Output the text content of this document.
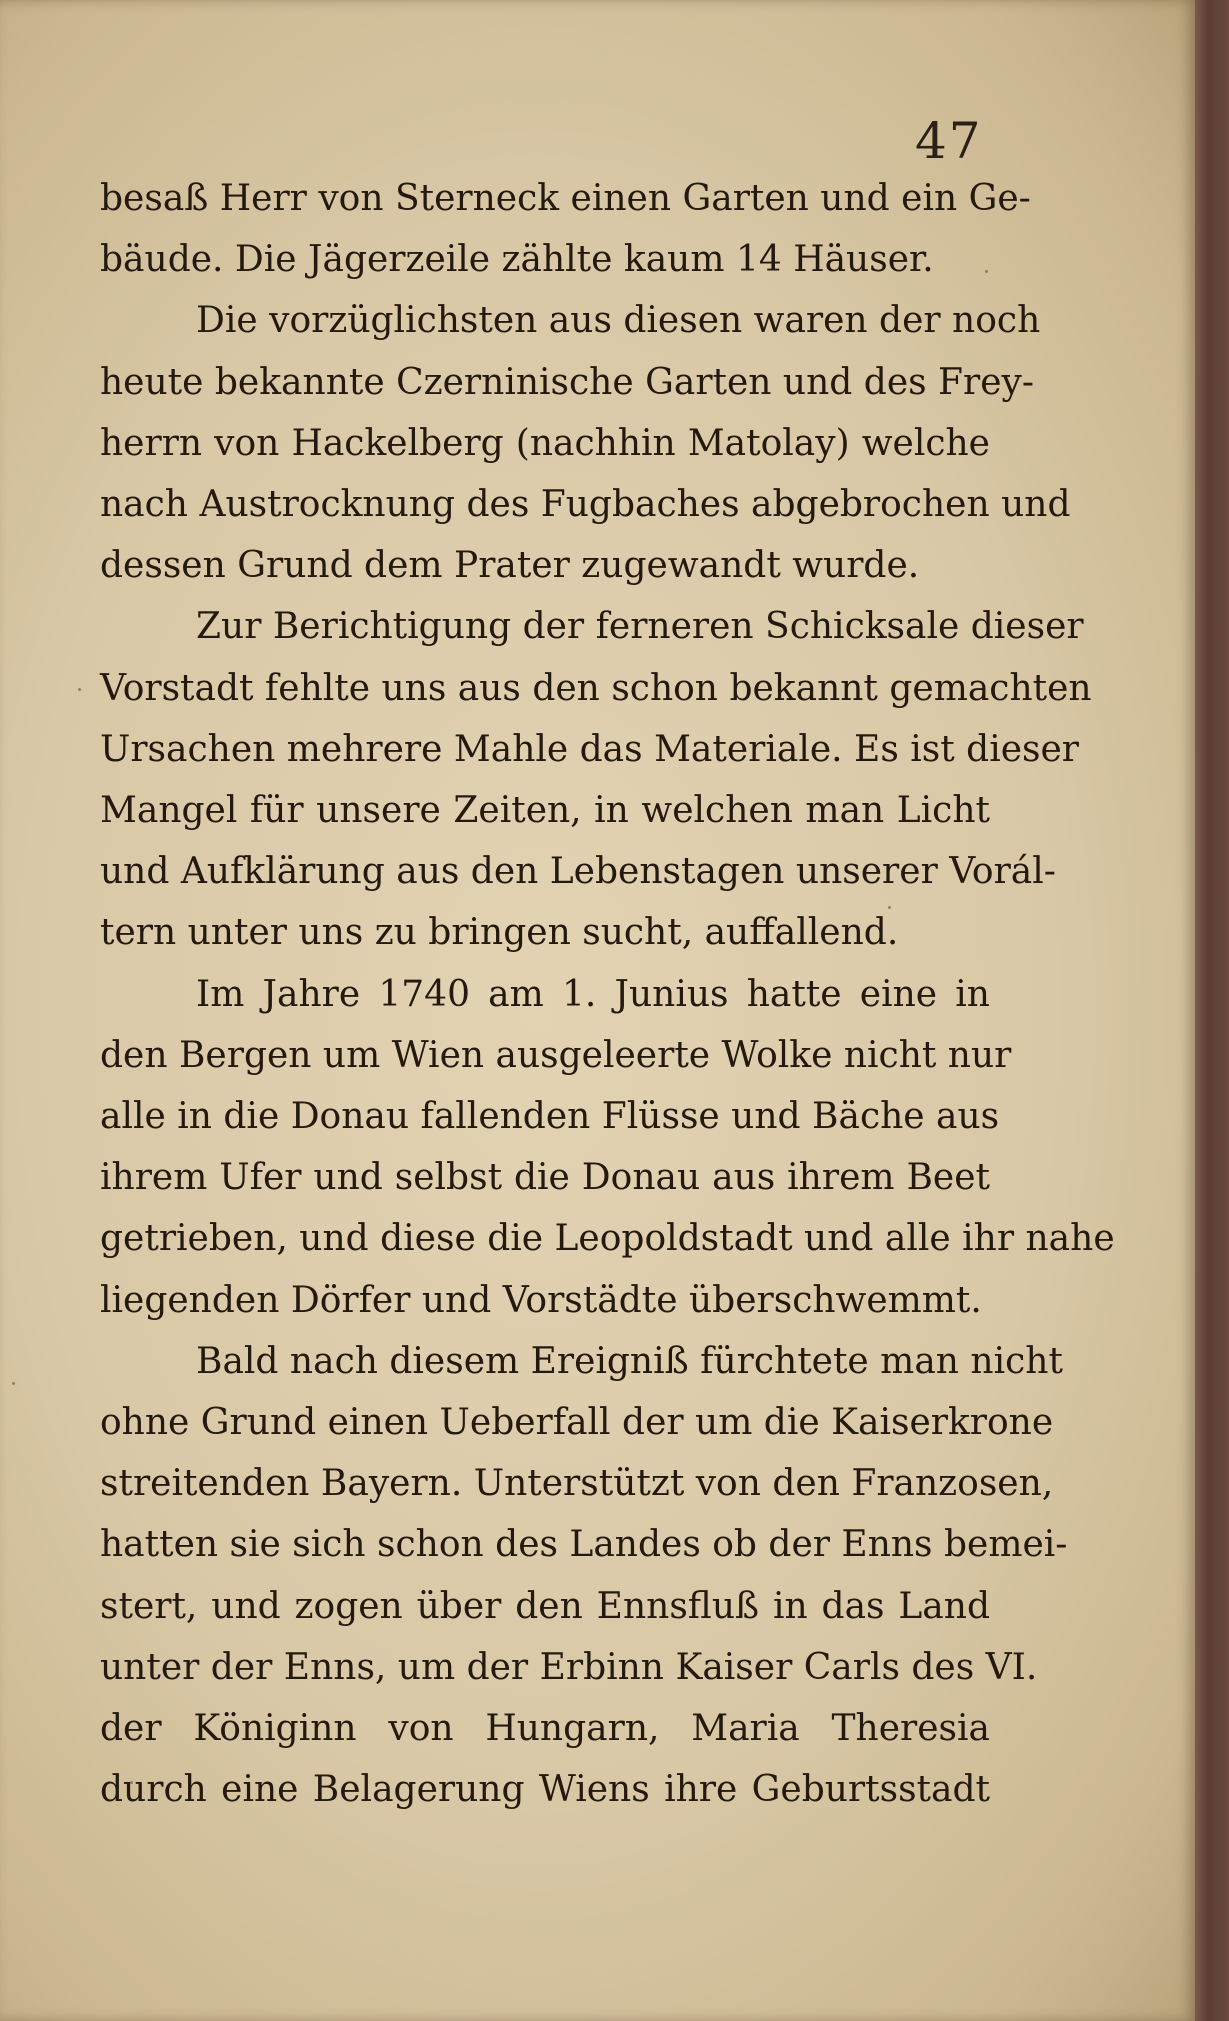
47
besaß Herr von Sterneck einen Garten und ein Ge-
bäude. Die Jägerzeile zählte kaum 14 Häuser.
Die vorzüglichsten aus diesen waren der noch
heute bekannte Czerninische Garten und des Frey-
herrn von Hackelberg (nachhin Matolay) welche
nach Austrocknung des Fugbaches abgebrochen und
dessen Grund dem Prater zugewandt wurde.
Zur Berichtigung der ferneren Schicksale dieser
Vorstadt fehlte uns aus den schon bekannt gemachten
Ursachen mehrere Mahle das Materiale. Es ist dieser
Mangel für unsere Zeiten, in welchen man Licht
und Aufklärung aus den Lebenstagen unserer Vorál-
tern unter uns zu bringen sucht, auffallend.
Im Jahre 1740 am 1. Junius hatte eine in
den Bergen um Wien ausgeleerte Wolke nicht nur
alle in die Donau fallenden Flüsse und Bäche aus
ihrem Ufer und selbst die Donau aus ihrem Beet
getrieben, und diese die Leopoldstadt und alle ihr nahe
liegenden Dörfer und Vorstädte überschwemmt.
Bald nach diesem Ereigniß fürchtete man nicht
ohne Grund einen Ueberfall der um die Kaiserkrone
streitenden Bayern. Unterstützt von den Franzosen,
hatten sie sich schon des Landes ob der Enns bemei-
stert, und zogen über den Ennsfluß in das Land
unter der Enns, um der Erbinn Kaiser Carls des VI.
der Königinn von Hungarn, Maria Theresia
durch eine Belagerung Wiens ihre Geburtsstadt
